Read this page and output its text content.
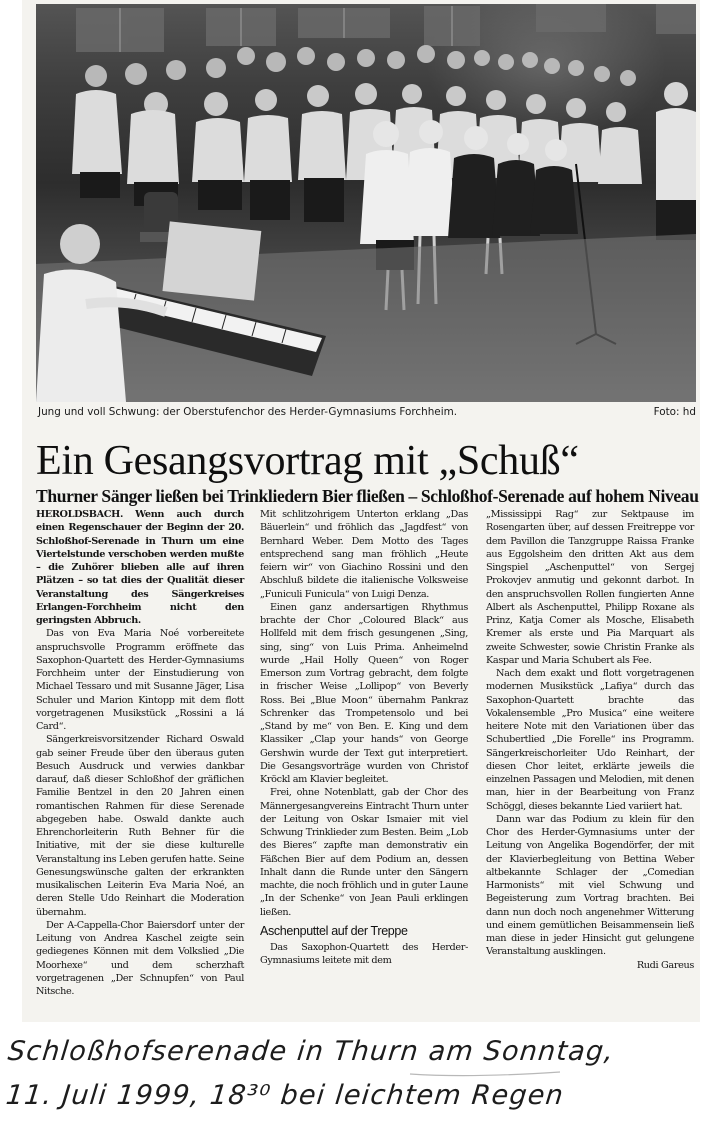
Jung und voll Schwung: der Oberstufenchor des Herder-Gymnasiums Forchheim.	Foto: hd
Ein Gesangsvortrag mit „Schuß“
Thurner Sänger ließen bei Trinkliedern Bier fließen – Schloßhof-Serenade auf hohem Niveau

HEROLDSBACH. Wenn auch durch einen Regenschauer der Beginn der 20. Schloßhof-Serenade in Thurn um eine Viertelstunde verschoben werden mußte – die Zuhörer blieben alle auf ihren Plätzen – so tat dies der Qualität dieser Veranstaltung des Sängerkreises Erlangen-Forchheim nicht den geringsten Abbruch.

Das von Eva Maria Noé vorbereitete anspruchsvolle Programm eröffnete das Saxophon-Quartett des Herder-Gymnasiums Forchheim unter der Einstudierung von Michael Tessaro und mit Susanne Jäger, Lisa Schuler und Marion Kintopp mit dem flott vorgetragenen Musikstück „Rossini a lá Card“.

Sängerkreisvorsitzender Richard Oswald gab seiner Freude über den überaus guten Besuch Ausdruck und verwies dankbar darauf, daß dieser Schloßhof der gräflichen Familie Bentzel in den 20 Jahren einen romantischen Rahmen für diese Serenade abgegeben habe. Oswald dankte auch Ehrenchorleiterin Ruth Behner für die Initiative, mit der sie diese kulturelle Veranstaltung ins Leben gerufen hatte. Seine Genesungswünsche galten der erkrankten musikalischen Leiterin Eva Maria Noé, an deren Stelle Udo Reinhart die Moderation übernahm.

Der A-Cappella-Chor Baiersdorf unter der Leitung von Andrea Kaschel zeigte sein gediegenes Können mit dem Volkslied „Die Moorhexe“ und dem scherzhaft vorgetragenen „Der Schnupfen“ von Paul Nitsche.

Mit schlitzohrigem Unterton erklang „Das Bäuerlein“ und fröhlich das „Jagdfest“ von Bernhard Weber. Dem Motto des Tages entsprechend sang man fröhlich „Heute feiern wir“ von Giachino Rossini und den Abschluß bildete die italienische Volksweise „Funiculi Funicula“ von Luigi Denza.

Einen ganz andersartigen Rhythmus brachte der Chor „Coloured Black“ aus Hollfeld mit dem frisch gesungenen „Sing, sing, sing“ von Luis Prima. Anheimelnd wurde „Hail Holly Queen“ von Roger Emerson zum Vortrag gebracht, dem folgte in frischer Weise „Lollipop“ von Beverly Ross. Bei „Blue Moon“ übernahm Pankraz Schrenker das Trompetensolo und bei „Stand by me“ von Ben. E. King und dem Klassiker „Clap your hands“ von George Gershwin wurde der Text gut interpretiert. Die Gesangsvorträge wurden von Christof Kröckl am Klavier begleitet.

Frei, ohne Notenblatt, gab der Chor des Männergesangvereins Eintracht Thurn unter der Leitung von Oskar Ismaier mit viel Schwung Trinklieder zum Besten. Beim „Lob des Bieres“ zapfte man demonstrativ ein Fäßchen Bier auf dem Podium an, dessen Inhalt dann die Runde unter den Sängern machte, die noch fröhlich und in guter Laune „In der Schenke“ von Jean Pauli erklingen ließen.

Aschenputtel auf der Treppe

Das Saxophon-Quartett des Herder-Gymnasiums leitete mit dem

„Mississippi Rag“ zur Sektpause im Rosengarten über, auf dessen Freitreppe vor dem Pavillon die Tanzgruppe Raissa Franke aus Eggolsheim den dritten Akt aus dem Singspiel „Aschenputtel“ von Sergej Prokovjev anmutig und gekonnt darbot. In den anspruchsvollen Rollen fungierten Anne Albert als Aschenputtel, Philipp Roxane als Prinz, Katja Comer als Mosche, Elisabeth Kremer als erste und Pia Marquart als zweite Schwester, sowie Christin Franke als Kaspar und Maria Schubert als Fee.

Nach dem exakt und flott vorgetragenen modernen Musikstück „Lafiya“ durch das Saxophon-Quartett brachte das Vokalensemble „Pro Musica“ eine weitere heitere Note mit den Variationen über das Schubertlied „Die Forelle“ ins Programm. Sängerkreischorleiter Udo Reinhart, der diesen Chor leitet, erklärte jeweils die einzelnen Passagen und Melodien, mit denen man, hier in der Bearbeitung von Franz Schöggl, dieses bekannte Lied variiert hat.

Dann war das Podium zu klein für den Chor des Herder-Gymnasiums unter der Leitung von Angelika Bogendörfer, der mit der Klavierbegleitung von Bettina Weber altbekannte Schlager der „Comedian Harmonists“ mit viel Schwung und Begeisterung zum Vortrag brachten. Bei dann nun doch noch angenehmer Witterung und einem gemütlichen Beisammensein ließ man diese in jeder Hinsicht gut gelungene Veranstaltung ausklingen.

Rudi Gareus
Schloßhofserenade in Thurn am Sonntag,
11. Juli 1999, 18³⁰ bei leichtem Regen
